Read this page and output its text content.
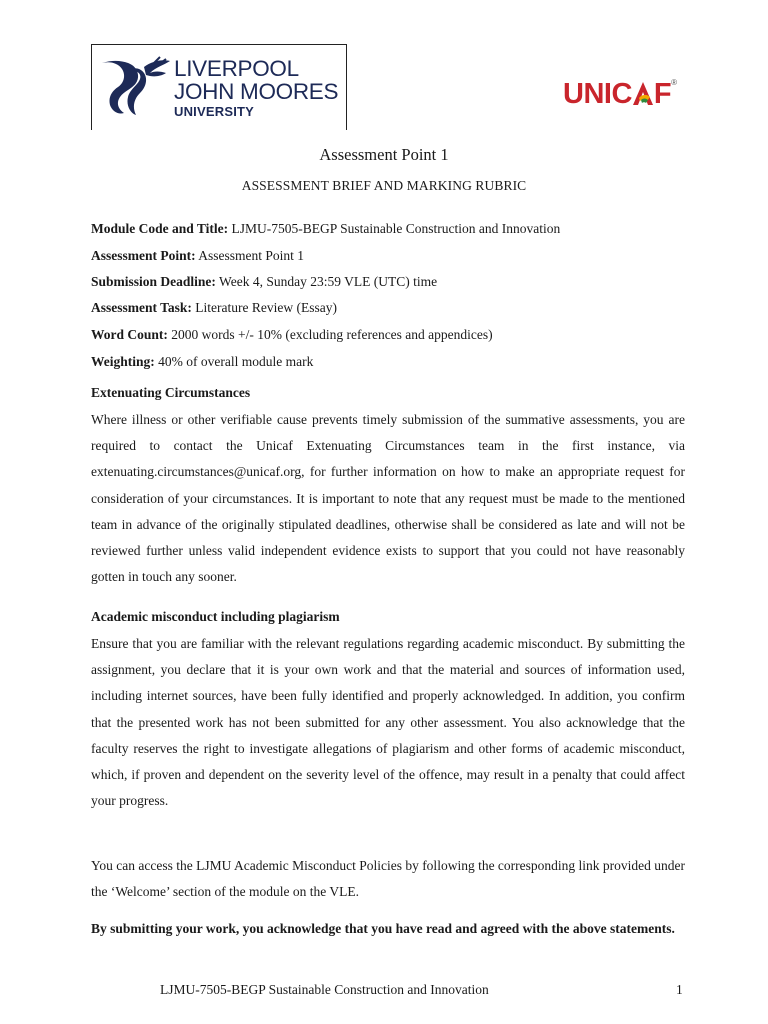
LIVERPOOL
JOHN MOORES
UNIVERSITY
UNIC F®
Assessment Point 1
ASSESSMENT BRIEF AND MARKING RUBRIC
Module Code and Title: LJMU-7505-BEGP Sustainable Construction and Innovation
Assessment Point: Assessment Point 1
Submission Deadline: Week 4, Sunday 23:59 VLE (UTC) time
Assessment Task: Literature Review (Essay)
Word Count: 2000 words +/- 10% (excluding references and appendices)
Weighting: 40% of overall module mark
Extenuating Circumstances
Where illness or other verifiable cause prevents timely submission of the summative assessments, you are required to contact the Unicaf Extenuating Circumstances team in the first instance, via extenuating.circumstances@unicaf.org, for further information on how to make an appropriate request for consideration of your circumstances. It is important to note that any request must be made to the mentioned team in advance of the originally stipulated deadlines, otherwise shall be considered as late and will not be reviewed further unless valid independent evidence exists to support that you could not have reasonably gotten in touch any sooner.
Academic misconduct including plagiarism
Ensure that you are familiar with the relevant regulations regarding academic misconduct. By submitting the assignment, you declare that it is your own work and that the material and sources of information used, including internet sources, have been fully identified and properly acknowledged. In addition, you confirm that the presented work has not been submitted for any other assessment. You also acknowledge that the faculty reserves the right to investigate allegations of plagiarism and other forms of academic misconduct, which, if proven and dependent on the severity level of the offence, may result in a penalty that could affect your progress.
You can access the LJMU Academic Misconduct Policies by following the corresponding link provided under the ‘Welcome’ section of the module on the VLE.
By submitting your work, you acknowledge that you have read and agreed with the above statements.
LJMU-7505-BEGP Sustainable Construction and Innovation	1
